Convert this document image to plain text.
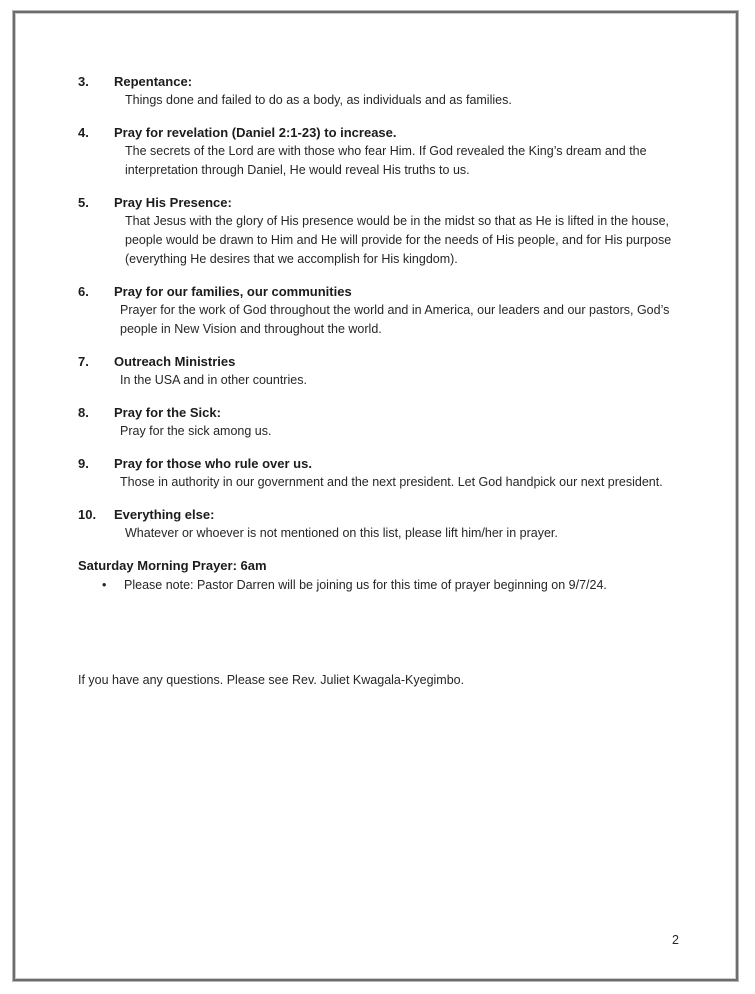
3.	Repentance:
Things done and failed to do as a body, as individuals and as families.
4.	Pray for revelation (Daniel 2:1-23) to increase.
The secrets of the Lord are with those who fear Him. If God revealed the King’s dream and the interpretation through Daniel, He would reveal His truths to us.
5.	Pray His Presence:
That Jesus with the glory of His presence would be in the midst so that as He is lifted in the house, people would be drawn to Him and He will provide for the needs of His people, and for His purpose (everything He desires that we accomplish for His kingdom).
6.	Pray for our families, our communities
Prayer for the work of God throughout the world and in America, our leaders and our pastors, God’s people in New Vision and throughout the world.
7.	Outreach Ministries
In the USA and in other countries.
8.	Pray for the Sick:
Pray for the sick among us.
9.	Pray for those who rule over us.
Those in authority in our government and the next president. Let God handpick our next president.
10.	Everything else:
Whatever or whoever is not mentioned on this list, please lift him/her in prayer.
Saturday Morning Prayer: 6am
•	Please note: Pastor Darren will be joining us for this time of prayer beginning on 9/7/24.
If you have any questions. Please see Rev. Juliet Kwagala-Kyegimbo.
2
